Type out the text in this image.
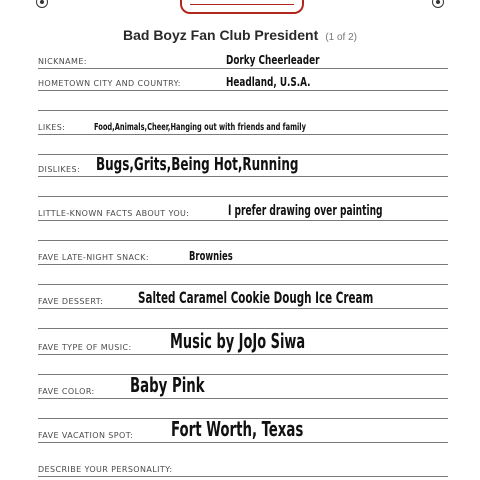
Bad Boyz Fan Club President (1 of 2)
NICKNAME:	Dorky Cheerleader
HOMETOWN CITY AND COUNTRY:	Headland, U.S.A.
LIKES:	Food,Animals,Cheer,Hanging out with friends and family
DISLIKES: Bugs,Grits,Being Hot,Running
LITTLE-KNOWN FACTS ABOUT YOU:	I prefer drawing over painting
FAVE LATE-NIGHT SNACK:	Brownies
FAVE DESSERT: Salted Caramel Cookie Dough Ice Cream
FAVE TYPE OF MUSIC: Music by JoJo Siwa
FAVE COLOR: Baby Pink
FAVE VACATION SPOT: Fort Worth, Texas
DESCRIBE YOUR PERSONALITY:
